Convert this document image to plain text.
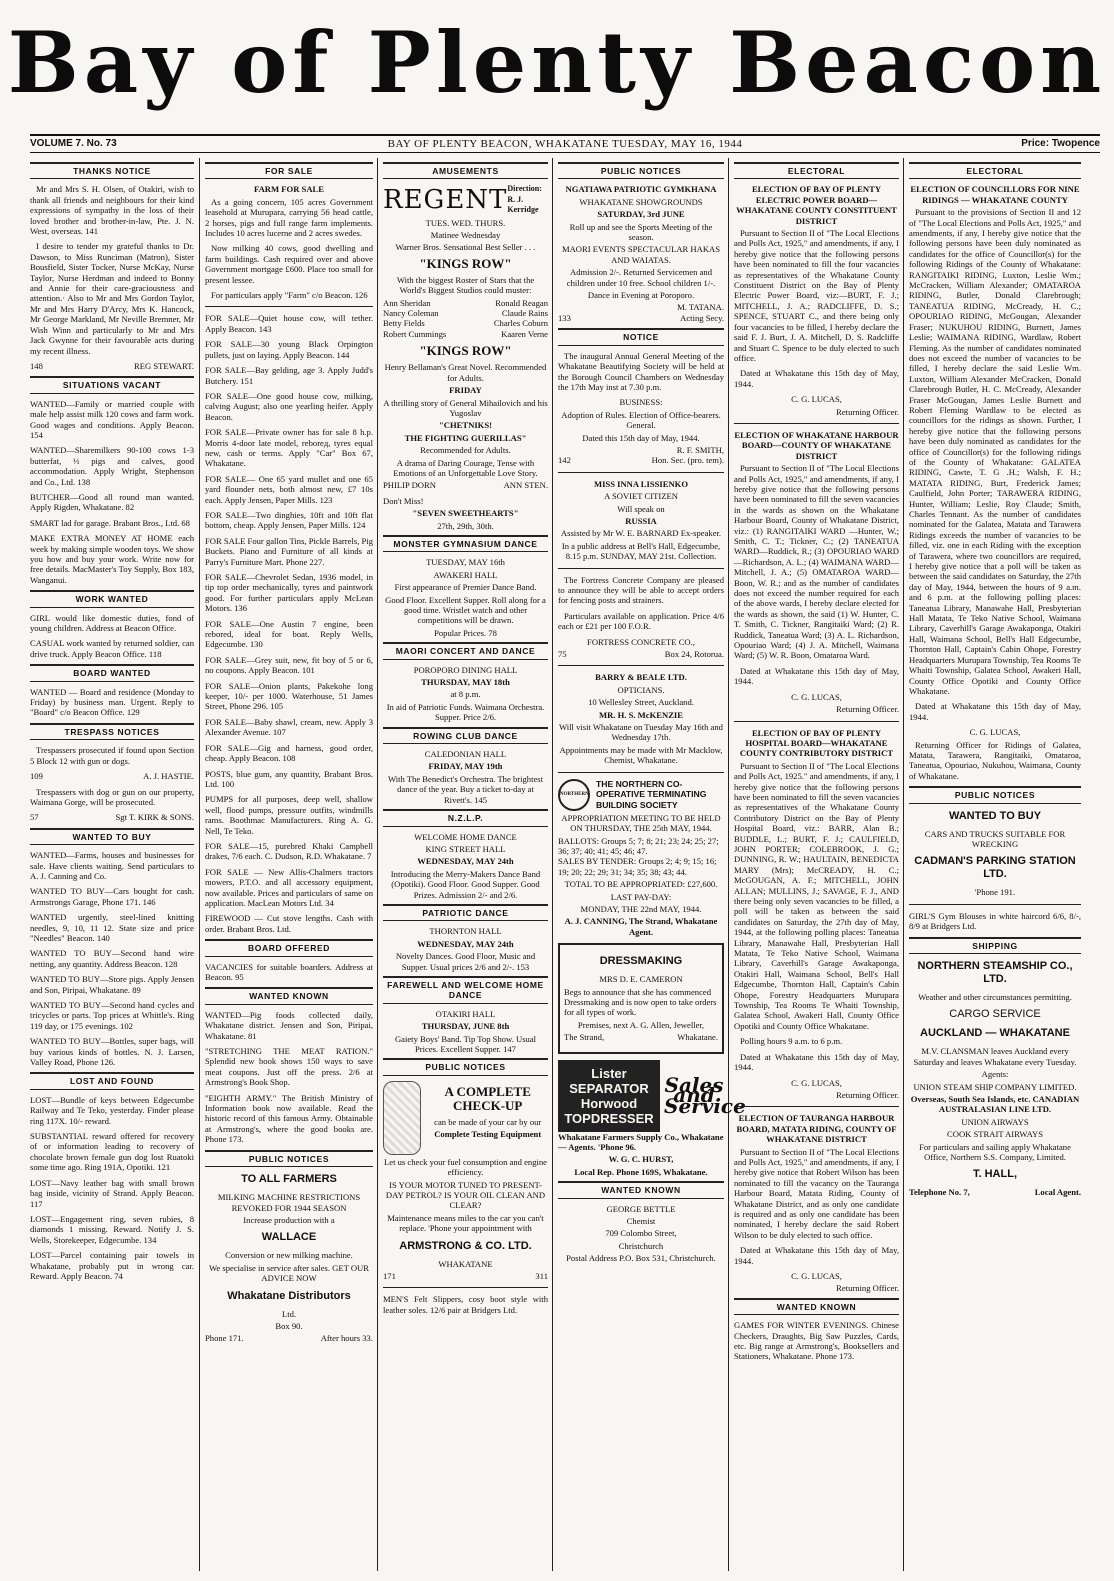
Bay of Plenty Beacon
VOLUME 7. No. 73	BAY OF PLENTY BEACON, WHAKATANE TUESDAY, MAY 16, 1944	Price: Twopence
THANKS NOTICE

Mr and Mrs S. H. Olsen, of Otakiri, wish to thank all friends and neighbours for their kind expressions of sympathy in the loss of their loved brother and brother-in-law, Pte. J. N. West, overseas. 141

I desire to tender my grateful thanks to Dr. Dawson, to Miss Runciman (Matron), Sister Bousfield, Sister Tocker, Nurse McKay, Nurse Taylor, Nurse Herdman and indeed to Bonny and Annie for their care-graciousness and attention.· Also to Mr and Mrs Gordon Taylor, Mr and Mrs Harry D'Arcy, Mrs K. Hancock, Mr George Markland, Mr Neville Bremner, Mr Wish Winn and particularly to Mr and Mrs Jack Gwynne for their favourable acts during my recent illness.

148	REG STEWART.
SITUATIONS VACANT

WANTED—Family or married couple with male help assist milk 120 cows and farm work. Good wages and conditions. Apply Beacon. 154

WANTED—Sharemilkers 90-100 cows 1-3 butterfat, ⅓ pigs and calves, good accommodation. Apply Wright, Stephenson and Co., Ltd. 138

BUTCHER—Good all round man wanted. Apply Rigden, Whakatane. 82

SMART lad for garage. Brabant Bros., Ltd. 68

MAKE EXTRA MONEY AT HOME each week by making simple wooden toys. We show you how and buy your work. Write now for free details. MacMaster's Toy Supply, Box 183, Wanganui.

WORK WANTED

GIRL would like domestic duties, fond of young children. Address at Beacon Office.

CASUAL work wanted by returned soldier, can drive truck. Apply Beacon Office. 118

BOARD WANTED

WANTED — Board and residence (Monday to Friday) by business man. Urgent. Reply to "Board" c/o Beacon Office. 129

TRESPASS NOTICES

Trespassers prosecuted if found upon Section 5 Block 12 with gun or dogs.

109	A. J. HASTIE.

Trespassers with dog or gun on our property, Waimana Gorge, will be prosecuted.

57	Sgt T. KIRK & SONS.
WANTED TO BUY

WANTED—Farms, houses and businesses for sale. Have clients waiting. Send particulars to A. J. Canning and Co.

WANTED TO BUY—Cars bought for cash. Armstrongs Garage, Phone 171. 146

WANTED urgently, steel-lined knitting needles, 9, 10, 11 12. State size and price "Needles" Beacon. 140

WANTED TO BUY—Second hand wire netting, any quantity. Address Beacon. 128

WANTED TO BUY—Store pigs. Apply Jensen and Son, Piripai, Whakatane. 89

WANTED TO BUY—Second hand cycles and tricycles or parts. Top prices at Whittle's. Ring 119 day, or 175 evenings. 102

WANTED TO BUY—Bottles, super bags, will buy various kinds of bottles. N. J. Larsen, Valley Road, Phone 126.

LOST AND FOUND

LOST—Bundle of keys between Edgecumbe Railway and Te Teko, yesterday. Finder please ring 117X. 10/- reward.

SUBSTANTIAL reward offered for recovery of or information leading to recovery of chocolate brown female gun dog lost Ruatoki some time ago. Ring 191A, Opotiki. 121

LOST—Navy leather bag with small brown bag inside, vicinity of Strand. Apply Beacon. 117

LOST—Engagement ring, seven rubies, 8 diamonds 1 missing. Reward. Notify J. S. Wells, Storekeeper, Edgecumbe. 134

LOST—Parcel containing pair towels in Whakatane, probably put in wrong car. Reward. Apply Beacon. 74

FOR SALE
FARM FOR SALE

As a going concern, 105 acres Government leasehold at Murupara, carrying 56 head cattle, 2 horses, pigs and full range farm implements. Includes 10 acres lucerne and 2 acres swedes.

Now milking 40 cows, good dwelling and farm buildings. Cash required over and above Government mortgage £600. Place too small for present lessee.

For particulars apply "Farm" c/o Beacon. 126

FOR SALE—Quiet house cow, will tether. Apply Beacon. 143

FOR SALE—30 young Black Orpington pullets, just on laying. Apply Beacon. 144

FOR SALE—Bay gelding, age 3. Apply Judd's Butchery. 151

FOR SALE—One good house cow, milking, calving August; also one yearling heifer. Apply Beacon.

FOR SALE—Private owner has for sale 8 h.p. Morris 4-door late model, reboreд, tyres equal new, cash or terms. Apply "Car" Box 67, Whakatane.

FOR SALE— One 65 yard mullet and one 65 yard flounder nets, both almost new, £7 10s each. Apply Jensen, Paper Mills. 123

FOR SALE—Two dinghies, 10ft and 10ft flat bottom, cheap. Apply Jensen, Paper Mills. 124

FOR SALE Four gallon Tins, Pickle Barrels, Pig Buckets. Piano and Furniture of all kinds at Parry's Furniture Mart. Phone 227.

FOR SALE—Chevrolet Sedan, 1936 model, in tip top order mechanically, tyres and paintwork good. For further particulars apply McLean Motors. 136

FOR SALE—One Austin 7 engine, been rebored, ideal for boat. Reply Wells, Edgecumbe. 130

FOR SALE—Grey suit, new, fit boy of 5 or 6, no coupons. Apply Beacon. 101

FOR SALE—Onion plants, Pakekohe long keeper, 10/- per 1000. Waterhouse, 51 James Street, Phone 296. 105

FOR SALE—Baby shawl, cream, new. Apply 3 Alexander Avenue. 107

FOR SALE—Gig and harness, good order, cheap. Apply Beacon. 108

POSTS, blue gum, any quantity, Brabant Bros. Ltd. 100

PUMPS for all purposes, deep well, shallow well, flood pumps, pressure outfits, windmills rams. Boothmac Manufacturers. Ring A. G. Nell, Te Teko.

FOR SALE—15, purebred Khaki Campbell drakes, 7/6 each. C. Dudson, R.D. Whakatane. 7

FOR SALE — New Allis-Chalmers tractors mowers, P.T.O. and all accessory equipment, now available. Prices and particulars of same on application. MacLean Motors Ltd. 34

FIREWOOD — Cut stove lengths. Cash with order. Brabant Bros. Ltd.

BOARD OFFERED

VACANCIES for suitable boarders. Address at Beacon. 95

WANTED KNOWN

WANTED—Pig foods collected daily, Whakatane district. Jensen and Son, Piripai, Whakatane. 81

"STRETCHING THE MEAT RATION." Splendid new book shows 150 ways to save meat coupons. Just off the press. 2/6 at Armstrong's Book Shop.

"EIGHTH ARMY." The British Ministry of Information book now available. Read the historic record of this famous Army. Obtainable at Armstrong's, where the good books are. Phone 173.

PUBLIC NOTICES
TO ALL FARMERS
MILKING MACHINE RESTRICTIONS REVOKED FOR 1944 SEASON
Increase production with a
WALLACE
Conversion or new milking machine.
We specialise in service after sales. GET OUR ADVICE NOW
Whakatane Distributors
Ltd.
Box 90.
Phone 171.	After hours 33.
AMUSEMENTS
REGENT Direction: R. J. Kerridge
TUES. WED. THURS.
Matinee Wednesday
Warner Bros. Sensational Best Seller . . .
"KINGS ROW"
With the biggest Roster of Stars that the World's Biggest Studios could muster:
Ann Sheridan
Nancy Coleman
Betty Fields
Robert Cummings
Ronald Reagan
Claude Rains
Charles Coburn
Kaaren Verne
"KINGS ROW"
Henry Bellaman's Great Novel. Recommended for Adults.
FRIDAY
A thrilling story of General Mihailovich and his Yugoslav
"CHETNIKS!
THE FIGHTING GUERILLAS"
Recommended for Adults.
A drama of Daring Courage, Tense with Emotions of an Unforgettable Love Story.
PHILIP DORN	ANN STEN.
Don't Miss!
"SEVEN SWEETHEARTS"
27th, 29th, 30th.
MONSTER GYMNASIUM DANCE
TUESDAY, MAY 16th
AWAKERI HALL
First appearance of Premier Dance Band.
Good Floor. Excellent Supper. Roll along for a good time. Wristlet watch and other competitions will be drawn.
Popular Prices. 78
MAORI CONCERT AND DANCE
POROPORO DINING HALL
THURSDAY, MAY 18th
at 8 p.m.
In aid of Patriotic Funds. Waimana Orchestra. Supper. Price 2/6.
ROWING CLUB DANCE
CALEDONIAN HALL
FRIDAY, MAY 19th
With The Benedict's Orchestra. The brightest dance of the year. Buy a ticket to-day at Rivett's. 145
N.Z.L.P.
WELCOME HOME DANCE
KING STREET HALL
WEDNESDAY, MAY 24th
Introducing the Merry-Makers Dance Band (Opotiki). Good Floor. Good Supper. Good Prizes. Admission 2/- and 2/6.
PATRIOTIC DANCE
THORNTON HALL
WEDNESDAY, MAY 24th
Novelty Dances. Good Floor, Music and Supper. Usual prices 2/6 and 2/-. 153
FAREWELL AND WELCOME HOME DANCE
OTAKIRI HALL
THURSDAY, JUNE 8th
Gaiety Boys' Band. Tip Top Show. Usual Prices. Excellent Supper. 147
PUBLIC NOTICES
A COMPLETE CHECK-UP
can be made of your car by our
Complete Testing Equipment
Let us check your fuel consumption and engine efficiency.
IS YOUR MOTOR TUNED TO PRESENT-DAY PETROL? IS YOUR OIL CLEAN AND CLEAR?
Maintenance means miles to the car you can't replace. 'Phone your appointment with
ARMSTRONG & CO. LTD.
WHAKATANE
171	311

MEN'S Felt Slippers, cosy boot style with leather soles. 12/6 pair at Bridgers Ltd.

PUBLIC NOTICES
NGATIAWA PATRIOTIC GYMKHANA
WHAKATANE SHOWGROUNDS
SATURDAY, 3rd JUNE
Roll up and see the Sports Meeting of the season.
MAORI EVENTS SPECTACULAR HAKAS AND WAIATAS.
Admission 2/-. Returned Servicemen and children under 10 free. School children 1/-.
Dance in Evening at Poroporo.
M. TATANA.
133	Acting Secy.
NOTICE

The inaugural Annual General Meeting of the Whakatane Beautifying Society will be held at the Borough Council Chambers on Wednesday the 17th May inst at 7.30 p.m.

BUSINESS:
Adoption of Rules. Election of Office-bearers. General.
Dated this 15th day of May, 1944.
R. F. SMITH,
142	Hon. Sec. (pro. tem).
MISS INNA LISSIENKO
A SOVIET CITIZEN
Will speak on
RUSSIA
Assisted by Mr W. E. BARNARD Ex-speaker.
In a public address at Bell's Hall, Edgecumbe, 8.15 p.m. SUNDAY, MAY 21st. Collection.

The Fortress Concrete Company are pleased to announce they will be able to accept orders for fencing posts and strainers.

Particulars available on application. Price 4/6 each or £21 per 100 F.O.R.

FORTRESS CONCRETE CO.,
75	Box 24, Rotorua.
BARRY & BEALE LTD.
OPTICIANS.
10 Wellesley Street, Auckland.
MR. H. S. McKENZIE
Will visit Whakatane on Tuesday May 16th and Wednesday 17th.
Appointments may be made with Mr Macklow, Chemist, Whakatane.
NORTHERN
THE NORTHERN CO-OPERATIVE TERMINATING BUILDING SOCIETY
APPROPRIATION MEETING TO BE HELD ON THURSDAY, THE 25th MAY, 1944.
BALLOTS: Groups 5; 7; 8; 21; 23; 24; 25; 27; 36; 37; 40; 41; 45; 46; 47.
SALES BY TENDER: Groups 2; 4; 9; 15; 16; 19; 20; 22; 29; 31; 34; 35; 38; 43; 44.
TOTAL TO BE APPROPRIATED: £27,600.
LAST PAY-DAY:
MONDAY, THE 22nd MAY, 1944.
A. J. CANNING, The Strand, Whakatane Agent.
DRESSMAKING
MRS D. E. CAMERON
Begs to announce that she has commenced Dressmaking and is now open to take orders for all types of work.
Premises, next A. G. Allen, Jeweller,
The Strand,	Whakatane.
Lister
SEPARATOR
Horwood
TOPDRESSER
Sales and Service
Whakatane Farmers Supply Co., Whakatane— Agents. 'Phone 96.
W. G. C. HURST,
Local Rep. Phone 169S, Whakatane.
WANTED KNOWN
GEORGE BETTLE
Chemist
709 Colombo Street,
Christchurch
Postal Address P.O. Box 531, Christchurch.
ELECTORAL
ELECTION OF BAY OF PLENTY ELECTRIC POWER BOARD—WHAKATANE COUNTY CONSTITUENT DISTRICT

Pursuant to Section II of "The Local Elections and Polls Act, 1925," and amendments, if any, I hereby give notice that the following persons have been nominated to fill the four vacancies as representatives of the Whakatane County Constituent District on the Bay of Plenty Electric Power Board, viz:—BURT, F. J.; MITCHELL, J. A.; RADCLIFFE, D. S.; SPENCE, STUART C., and there being only four vacancies to be filled, I hereby declare the said F. J. Burt, J. A. Mitchell, D. S. Radcliffe and Stuart C. Spence to be duly elected to such office.

Dated at Whakatane this 15th day of May, 1944.

C. G. LUCAS,
Returning Officer.
ELECTION OF WHAKATANE HARBOUR BOARD—COUNTY OF WHAKATANE DISTRICT

Pursuant to Section II of "The Local Elections and Polls Act, 1925," and amendments, if any, I hereby give notice that the following persons have been nominated to fill the seven vacancies in the wards as shown on the Whakatane Harbour Board, County of Whakatane District, viz.: (1) RANGITAIKI WARD —Hunter, W.; Smith, C. T.; Tickner, C.; (2) TANEATUA WARD—Ruddick, R.; (3) OPOURIAO WARD —Richardson, A. L.; (4) WAIMANA WARD—Mitchell, J. A.; (5) OMATAROA WARD—Boon, W. R.; and as the number of candidates does not exceed the number required for each of the above wards, I hereby declare elected for the wards as shown, the said (1) W. Hunter, C. T. Smith, C. Tickner, Rangitaiki Ward; (2) R. Ruddick, Taneatua Ward; (3) A. L. Richardson, Opouriao Ward; (4) J. A. Mitchell, Waimana Ward; (5) W. R. Boon, Omataroa Ward.

Dated at Whakatane this 15th day of May, 1944.

C. G. LUCAS,
Returning Officer.
ELECTION OF BAY OF PLENTY HOSPITAL BOARD—WHAKATANE COUNTY CONTRIBUTORY DISTRICT

Pursuant to Section II of "The Local Elections and Polls Act, 1925." and amendments, if any, I hereby give notice that the following persons have been nominated to fill the seven vacancies as representatives of the Whakatane County Contributory District on the Bay of Plenty Hospital Board, viz.: BARR, Alan B.; BUDDLE, L.; BURT, F. J.; CAULFIELD, JOHN PORTER; COLEBROOK, J. G.; DUNNING, R. W.; HAULTAIN, BENEDICTA MARY (Mrs); McCREADY, H. C.; McGOUGAN, A. F.; MITCHELL, JOHN ALLAN; MULLINS, J.; SAVAGE, F. J., AND there being only seven vacancies to be filled, a poll will be taken as between the said candidates on Saturday, the 27th day of May, 1944, at the following polling places: Taneatua Library, Manawahe Hall, Presbyterian Hall Matata, Te Teko Native School, Waimana Library, Caverhill's Garage Awakaponga, Otakiri Hall, Waimana School, Bell's Hall Edgecumbe, Thornton Hall, Captain's Cabin Ohope, Forestry Headquarters Murupara Township, Tea Rooms Te Whaiti Township, Galatea School, Awakeri Hall, County Office Opotiki and County Office Whakatane.

Polling hours 9 a.m. to 6 p.m.

Dated at Whakatane this 15th day of May, 1944.

C. G. LUCAS,
Returning Officer.
ELECTION OF TAURANGA HARBOUR BOARD, MATATA RIDING, COUNTY OF WHAKATANE DISTRICT

Pursuant to Section II of "The Local Elections and Polls Act, 1925," and amendments, if any, I hereby give notice that Robert Wilson has been nominated to fill the vacancy on the Tauranga Harbour Board, Matata Riding, County of Whakatane District, and as only one candidate is required and as only one candidate has been nominated, I hereby declare the said Robert Wilson to be duly elected to such office.

Dated at Whakatane this 15th day of May, 1944.

C. G. LUCAS,
Returning Officer.
WANTED KNOWN

GAMES FOR WINTER EVENINGS. Chinese Checkers, Draughts, Big Saw Puzzles, Cards, etc. Big range at Armstrong's, Booksellers and Stationers, Whakatane. Phone 173.

ELECTORAL
ELECTION OF COUNCILLORS FOR NINE RIDINGS — WHAKATANE COUNTY

Pursuant to the provisions of Section II and 12 of "The Local Elections and Polls Act, 1925," and amendments, if any, I hereby give notice that the following persons have been duly nominated as candidates for the office of Councillor(s) for the following Ridings of the County of Whakatane: RANGITAIKI RIDING, Luxton, Leslie Wm.; McCracken, William Alexander; OMATAROA RIDING, Butler, Donald Clarebrough; TANEATUA RIDING, McCready, H. C.; OPOURIAO RIDING, McGougan, Alexander Fraser; NUKUHOU RIDING, Burnett, James Leslie; WAIMANA RIDING, Wardlaw, Robert Fleming. As the number of candidates nominated does not exceed the number of vacancies to be filled, I hereby declare the said Leslie Wm. Luxton, William Alexander McCracken, Donald Clarebrough Butler, H. C. McCready, Alexander Fraser McGougan, James Leslie Burnett and Robert Fleming Wardlaw to be elected as councillors for the ridings as shown. Further, I hereby give notice that the following persons have been duly nominated as candidates for the office of Councillor(s) for the following ridings of the County of Whakatane: GALATEA RIDING, Cawte, T. G .H.; Walsh, F. H.; MATATA RIDING, Burt, Frederick James; Caulfield, John Porter; TARAWERA RIDING, Hunter, William; Leslie, Roy Claude; Smith, Charles Tennant. As the number of candidates nominated for the Galatea, Matata and Tarawera Ridings exceeds the number of vacancies to be filled, viz. one in each Riding with the exception of Tarawera, where two councillors are required, I hereby give notice that a poll will be taken as between the said candidates on Saturday, the 27th day of May, 1944, between the hours of 9 a.m. and 6 p.m. at the following polling places: Taneatua Library, Manawahe Hall, Presbyterian Hall Matata, Te Teko Native School, Waimana Library, Caverhill's Garage Awakaponga, Otakiri Hall, Waimana School, Bell's Hall Edgecumbe, Thornton Hall, Captain's Cabin Ohope, Forestry Headquarters Murupara Township, Tea Rooms Te Whaiti Township, Galatea School, Awakeri Hall, County Office Opotiki and County Office Whakatane.

Dated at Whakatane this 15th day of May, 1944.

C. G. LUCAS,

Returning Officer for Ridings of Galatea, Matata, Tarawera, Rangitaiki, Omataroa, Taneatua, Opouriao, Nukuhou, Waimana, County of Whakatane.

PUBLIC NOTICES
WANTED TO BUY
CARS AND TRUCKS SUITABLE FOR WRECKING
CADMAN'S PARKING STATION LTD.
'Phone 191.

GIRL'S Gym Blouses in white haircord 6/6, 8/-, 8/9 at Bridgers Ltd.

SHIPPING
NORTHERN STEAMSHIP CO., LTD.
Weather and other circumstances permitting.
CARGO SERVICE
AUCKLAND — WHAKATANE
M.V. CLANSMAN leaves Auckland every Saturday and leaves Whakatane every Tuesday.
Agents:
UNION STEAM SHIP COMPANY LIMITED.
Overseas, South Sea Islands, etc. CANADIAN AUSTRALASIAN LINE LTD.
UNION AIRWAYS
COOK STRAIT AIRWAYS
For particulars and sailing apply Whakatane Office, Northern S.S. Company, Limited.
T. HALL,
Telephone No. 7,	Local Agent.
